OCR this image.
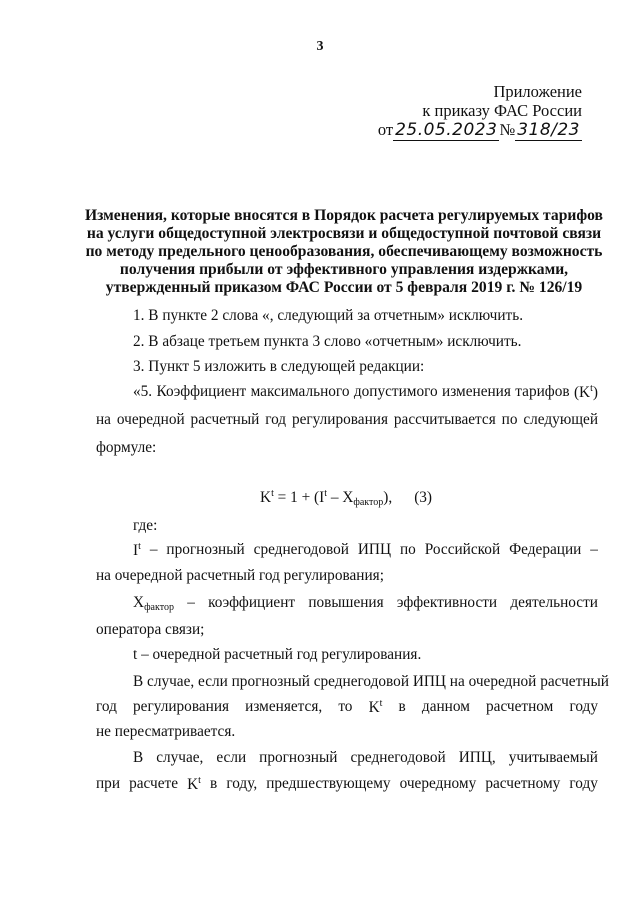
3
Приложение
к приказу ФАС России
от 25.05.2023 № 318/23
Изменения, которые вносятся в Порядок расчета регулируемых тарифов
на услуги общедоступной электросвязи и общедоступной почтовой связи
по методу предельного ценообразования, обеспечивающему возможность
получения прибыли от эффективного управления издержками,
утвержденный приказом ФАС России от 5 февраля 2019 г. № 126/19
1. В пункте 2 слова «, следующий за отчетным» исключить.
2. В абзаце третьем пункта 3 слово «отчетным» исключить.
3. Пункт 5 изложить в следующей редакции:
«5. Коэффициент максимального допустимого изменения тарифов $(K^t)$
на очередной расчетный год регулирования рассчитывается по следующей
формуле:
$K^t = 1 + (I^t - X_{фактор})$, (3)
где:
$I^t$ – прогнозный среднегодовой ИПЦ по Российской Федерации –
на очередной расчетный год регулирования;
$X_{фактор}$ – коэффициент повышения эффективности деятельности
оператора связи;
t – очередной расчетный год регулирования.
В случае, если прогнозный среднегодовой ИПЦ на очередной расчетный
год регулирования изменяется, то $K^t$ в данном расчетном году
не пересматривается.
В случае, если прогнозный среднегодовой ИПЦ, учитываемый
при расчете $K^t$ в году, предшествующему очередному расчетному году
